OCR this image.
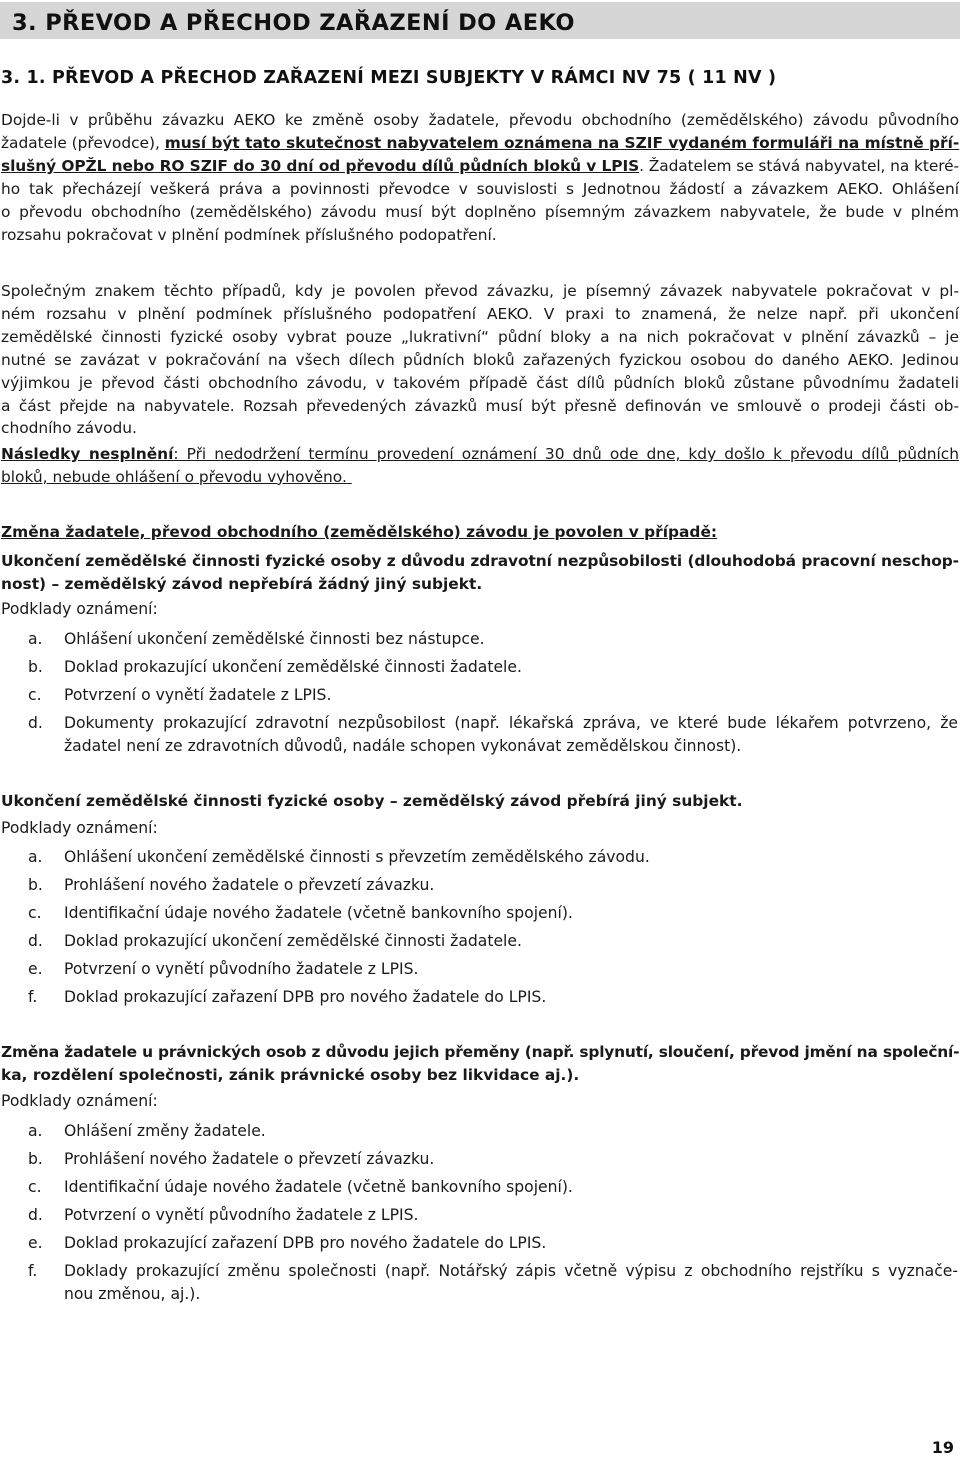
3. PŘEVOD A PŘECHOD ZAŘAZENÍ DO AEKO
3. 1. PŘEVOD A PŘECHOD ZAŘAZENÍ MEZI SUBJEKTY V RÁMCI NV 75 ( 11 NV )
Dojde-li v průběhu závazku AEKO ke změně osoby žadatele, převodu obchodního (zemědělského) závodu původního
žadatele (převodce), musí být tato skutečnost nabyvatelem oznámena na SZIF vydaném formuláři na místně pří-
slušný OPŽL nebo RO SZIF do 30 dní od převodu dílů půdních bloků v LPIS. Žadatelem se stává nabyvatel, na které-
ho tak přecházejí veškerá práva a povinnosti převodce v souvislosti s Jednotnou žádostí a závazkem AEKO. Ohlášení
o převodu obchodního (zemědělského) závodu musí být doplněno písemným závazkem nabyvatele, že bude v plném
rozsahu pokračovat v plnění podmínek příslušného podopatření.
Společným znakem těchto případů, kdy je povolen převod závazku, je písemný závazek nabyvatele pokračovat v pl-
ném rozsahu v plnění podmínek příslušného podopatření AEKO. V praxi to znamená, že nelze např. při ukončení
zemědělské činnosti fyzické osoby vybrat pouze „lukrativní“ půdní bloky a na nich pokračovat v plnění závazků – je
nutné se zavázat v pokračování na všech dílech půdních bloků zařazených fyzickou osobou do daného AEKO. Jedinou
výjimkou je převod části obchodního závodu, v takovém případě část dílů půdních bloků zůstane původnímu žadateli
a část přejde na nabyvatele. Rozsah převedených závazků musí být přesně definován ve smlouvě o prodeji části ob-
chodního závodu.
Následky nesplnění: Při nedodržení termínu provedení oznámení 30 dnů ode dne, kdy došlo k převodu dílů půdních
bloků, nebude ohlášení o převodu vyhověno.
Změna žadatele, převod obchodního (zemědělského) závodu je povolen v případě:
Ukončení zemědělské činnosti fyzické osoby z důvodu zdravotní nezpůsobilosti (dlouhodobá pracovní neschop-
nost) – zemědělský závod nepřebírá žádný jiný subjekt.
Podklady oznámení:
a. Ohlášení ukončení zemědělské činnosti bez nástupce.
b. Doklad prokazující ukončení zemědělské činnosti žadatele.
c. Potvrzení o vynětí žadatele z LPIS.
d. Dokumenty prokazující zdravotní nezpůsobilost (např. lékařská zpráva, ve které bude lékařem potvrzeno, že
žadatel není ze zdravotních důvodů, nadále schopen vykonávat zemědělskou činnost).
Ukončení zemědělské činnosti fyzické osoby – zemědělský závod přebírá jiný subjekt.
Podklady oznámení:
a. Ohlášení ukončení zemědělské činnosti s převzetím zemědělského závodu.
b. Prohlášení nového žadatele o převzetí závazku.
c. Identifikační údaje nového žadatele (včetně bankovního spojení).
d. Doklad prokazující ukončení zemědělské činnosti žadatele.
e. Potvrzení o vynětí původního žadatele z LPIS.
f. Doklad prokazující zařazení DPB pro nového žadatele do LPIS.
Změna žadatele u právnických osob z důvodu jejich přeměny (např. splynutí, sloučení, převod jmění na společní-
ka, rozdělení společnosti, zánik právnické osoby bez likvidace aj.).
Podklady oznámení:
a. Ohlášení změny žadatele.
b. Prohlášení nového žadatele o převzetí závazku.
c. Identifikační údaje nového žadatele (včetně bankovního spojení).
d. Potvrzení o vynětí původního žadatele z LPIS.
e. Doklad prokazující zařazení DPB pro nového žadatele do LPIS.
f. Doklady prokazující změnu společnosti (např. Notářský zápis včetně výpisu z obchodního rejstříku s vyznače-
nou změnou, aj.).
19
